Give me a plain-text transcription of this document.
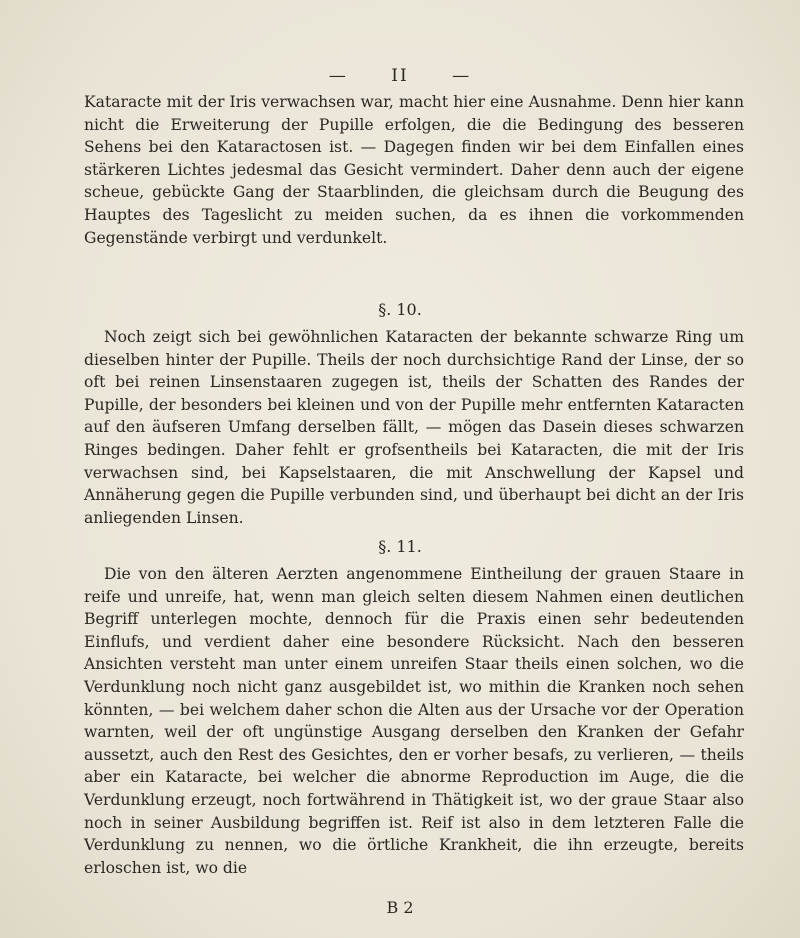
—	II	—

Kataracte mit der Iris verwachsen war, macht hier eine Ausnahme. Denn hier kann nicht die Erweiterung der Pupille erfolgen, die die Bedingung des besseren Sehens bei den Kataractosen ist. — Dagegen finden wir bei dem Einfallen eines stärkeren Lichtes jedesmal das Gesicht vermindert. Daher denn auch der eigene scheue, gebückte Gang der Staarblinden, die gleichsam durch die Beugung des Hauptes des Tageslicht zu meiden suchen, da es ihnen die vorkommenden Gegenstände verbirgt und verdunkelt.

§. 10.

Noch zeigt sich bei gewöhnlichen Kataracten der bekannte schwarze Ring um dieselben hinter der Pupille. Theils der noch durchsichtige Rand der Linse, der so oft bei reinen Linsenstaaren zugegen ist, theils der Schatten des Randes der Pupille, der besonders bei kleinen und von der Pupille mehr entfernten Kataracten auf den äufseren Umfang derselben fällt, — mögen das Dasein dieses schwarzen Ringes bedingen. Daher fehlt er grofsentheils bei Kataracten, die mit der Iris verwachsen sind, bei Kapselstaaren, die mit Anschwellung der Kapsel und Annäherung gegen die Pupille verbunden sind, und überhaupt bei dicht an der Iris anliegenden Linsen.

§. 11.

Die von den älteren Aerzten angenommene Eintheilung der grauen Staare in reife und unreife, hat, wenn man gleich selten diesem Nahmen einen deutlichen Begriff unterlegen mochte, dennoch für die Praxis einen sehr bedeutenden Einflufs, und verdient daher eine besondere Rücksicht. Nach den besseren Ansichten versteht man unter einem unreifen Staar theils einen solchen, wo die Verdunklung noch nicht ganz ausgebildet ist, wo mithin die Kranken noch sehen könnten, — bei welchem daher schon die Alten aus der Ursache vor der Operation warnten, weil der oft ungünstige Ausgang derselben den Kranken der Gefahr aussetzt, auch den Rest des Gesichtes, den er vorher besafs, zu verlieren, — theils aber ein Kataracte, bei welcher die abnorme Reproduction im Auge, die die Verdunklung erzeugt, noch fortwährend in Thätigkeit ist, wo der graue Staar also noch in seiner Ausbildung begriffen ist. Reif ist also in dem letzteren Falle die Verdunklung zu nennen, wo die örtliche Krankheit, die ihn erzeugte, bereits erloschen ist, wo die

B 2
